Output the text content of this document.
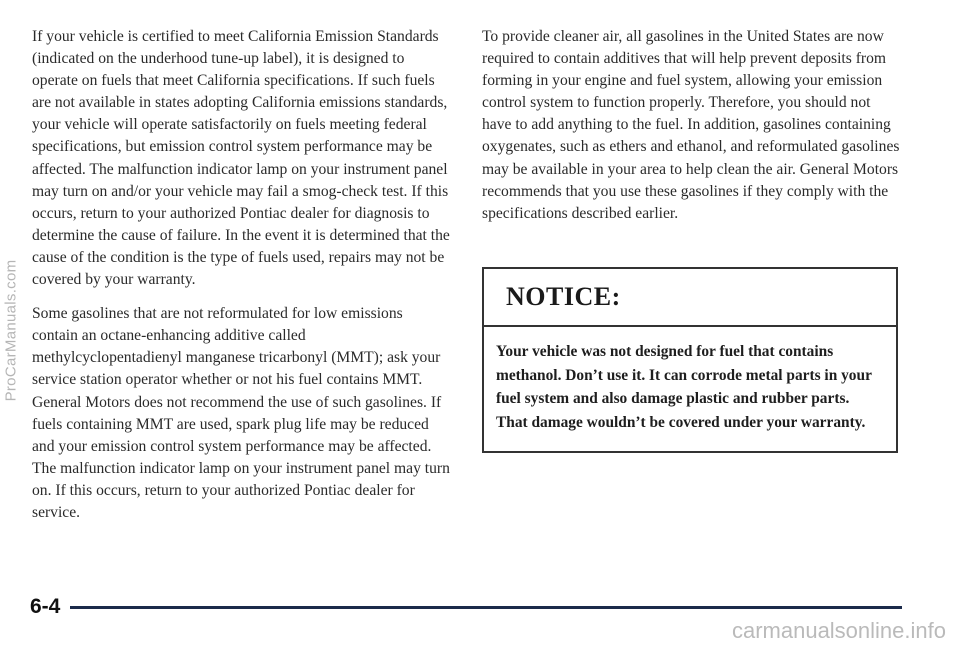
If your vehicle is certified to meet California Emission Standards (indicated on the underhood tune-up label), it is designed to operate on fuels that meet California specifications. If such fuels are not available in states adopting California emissions standards, your vehicle will operate satisfactorily on fuels meeting federal specifications, but emission control system performance may be affected. The malfunction indicator lamp on your instrument panel may turn on and/or your vehicle may fail a smog-check test. If this occurs, return to your authorized Pontiac dealer for diagnosis to determine the cause of failure. In the event it is determined that the cause of the condition is the type of fuels used, repairs may not be covered by your warranty.

Some gasolines that are not reformulated for low emissions contain an octane-enhancing additive called methylcyclopentadienyl manganese tricarbonyl (MMT); ask your service station operator whether or not his fuel contains MMT. General Motors does not recommend the use of such gasolines. If fuels containing MMT are used, spark plug life may be reduced and your emission control system performance may be affected. The malfunction indicator lamp on your instrument panel may turn on. If this occurs, return to your authorized Pontiac dealer for service.

To provide cleaner air, all gasolines in the United States are now required to contain additives that will help prevent deposits from forming in your engine and fuel system, allowing your emission control system to function properly. Therefore, you should not have to add anything to the fuel. In addition, gasolines containing oxygenates, such as ethers and ethanol, and reformulated gasolines may be available in your area to help clean the air. General Motors recommends that you use these gasolines if they comply with the specifications described earlier.

NOTICE:
Your vehicle was not designed for fuel that contains methanol. Don’t use it. It can corrode metal parts in your fuel system and also damage plastic and rubber parts. That damage wouldn’t be covered under your warranty.
6-4
ProCarManuals.com
carmanualsonline.info
